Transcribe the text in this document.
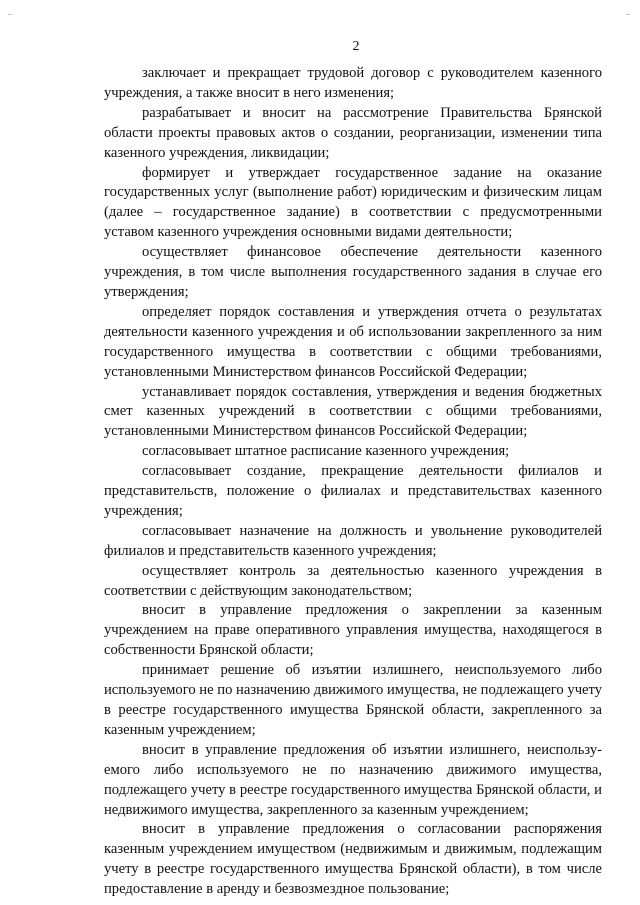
2

заключает и прекращает трудовой договор с руководителем казенного учреждения, а также вносит в него изменения;

разрабатывает и вносит на рассмотрение Правительства Брянской области проекты правовых актов о создании, реорганизации, изменении типа казенного учреждения, ликвидации;

формирует и утверждает государственное задание на оказание государственных услуг (выполнение работ) юридическим и физическим лицам (далее – государственное задание) в соответствии с предусмотренными уставом казенного учреждения основными видами деятельности;

осуществляет финансовое обеспечение деятельности казенного учреждения, в том числе выполнения государственного задания в случае его утверждения;

определяет порядок составления и утверждения отчета о результатах деятельности казенного учреждения и об использовании закрепленного за ним государственного имущества в соответствии с общими требованиями, установленными Министерством финансов Российской Федерации;

устанавливает порядок составления, утверждения и ведения бюджетных смет казенных учреждений в соответствии с общими требованиями, установленными Министерством финансов Российской Федерации;

согласовывает штатное расписание казенного учреждения;

согласовывает создание, прекращение деятельности филиалов и представительств, положение о филиалах и представительствах казенного учреждения;

согласовывает назначение на должность и увольнение руководителей филиалов и представительств казенного учреждения;

осуществляет контроль за деятельностью казенного учреждения в соответствии с действующим законодательством;

вносит в управление предложения о закреплении за казенным учреждением на праве оперативного управления имущества, находящегося в собственности Брянской области;

принимает решение об изъятии излишнего, неиспользуемого либо используемого не по назначению движимого имущества, не подлежащего учету в реестре государственного имущества Брянской области, закрепленного за казенным учреждением;

вносит в управление предложения об изъятии излишнего, неиспользуемого либо используемого не по назначению движимого имущества, подлежащего учету в реестре государственного имущества Брянской области, и недвижимого имущества, закрепленного за казенным учреждением;

вносит в управление предложения о согласовании распоряжения казенным учреждением имуществом (недвижимым и движимым, подлежащим учету в реестре государственного имущества Брянской области), в том числе предоставление в аренду и безвозмездное пользование;
